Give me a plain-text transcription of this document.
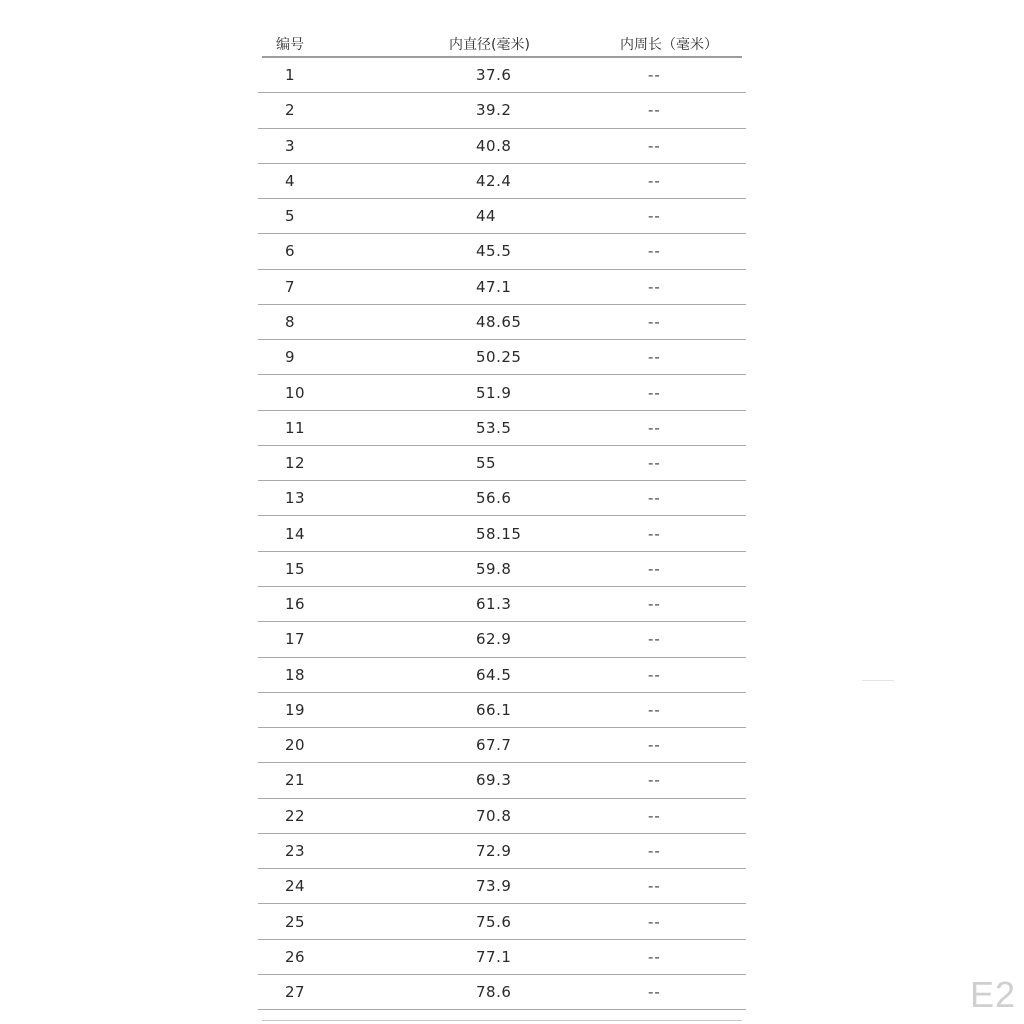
编号	内直径(毫米)	内周长（毫米）
1	37.6	--
2	39.2	--
3	40.8	--
4	42.4	--
5	44	--
6	45.5	--
7	47.1	--
8	48.65	--
9	50.25	--
10	51.9	--
11	53.5	--
12	55	--
13	56.6	--
14	58.15	--
15	59.8	--
16	61.3	--
17	62.9	--
18	64.5	--
19	66.1	--
20	67.7	--
21	69.3	--
22	70.8	--
23	72.9	--
24	73.9	--
25	75.6	--
26	77.1	--
27	78.6	--	E2
